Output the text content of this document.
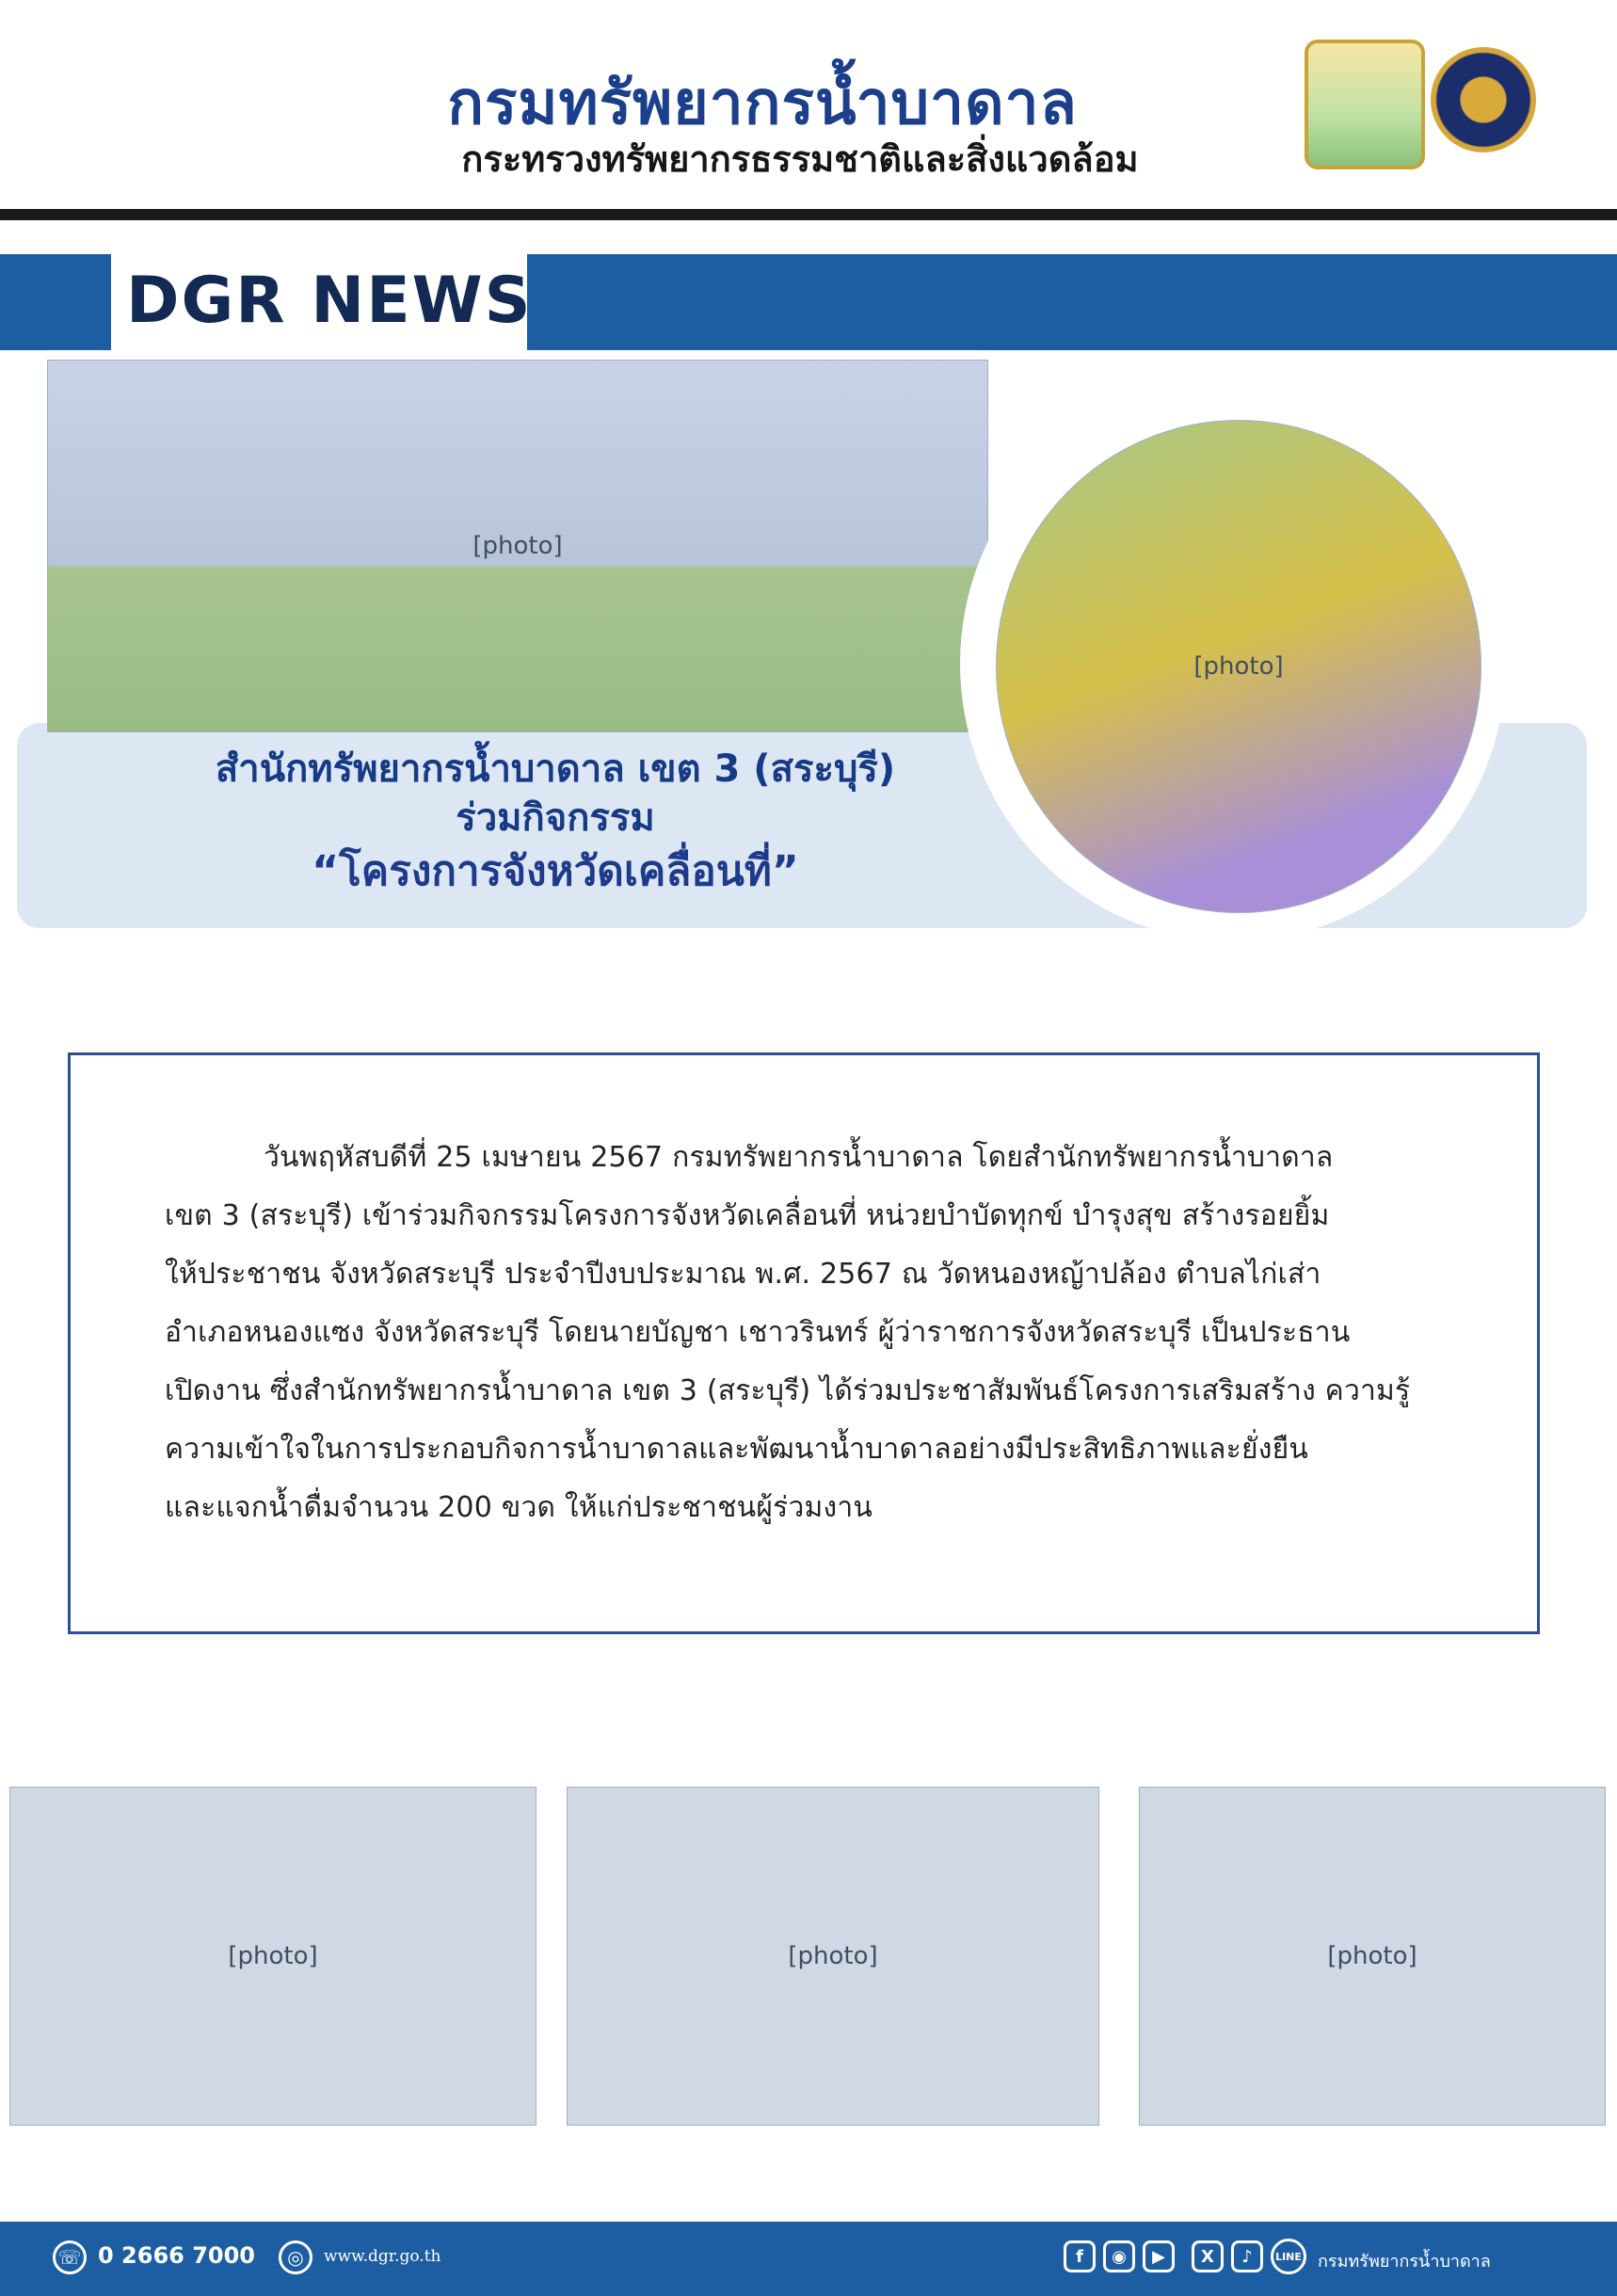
กรมทรัพยากรน้ำบาดาล
กระทรวงทรัพยากรธรรมชาติและสิ่งแวดล้อม
DGR NEWS
[photo]
[photo]
สำนักทรัพยากรน้ำบาดาล เขต 3 (สระบุรี)
ร่วมกิจกรรม
“โครงการจังหวัดเคลื่อนที่”
วันพฤหัสบดีที่ 25 เมษายน 2567 กรมทรัพยากรน้ำบาดาล โดยสำนักทรัพยากรน้ำบาดาล
เขต 3 (สระบุรี) เข้าร่วมกิจกรรมโครงการจังหวัดเคลื่อนที่ หน่วยบำบัดทุกข์ บำรุงสุข สร้างรอยยิ้ม
ให้ประชาชน จังหวัดสระบุรี ประจำปีงบประมาณ พ.ศ. 2567 ณ วัดหนองหญ้าปล้อง ตำบลไก่เส่า
อำเภอหนองแซง จังหวัดสระบุรี โดยนายบัญชา เชาวรินทร์ ผู้ว่าราชการจังหวัดสระบุรี เป็นประธาน
เปิดงาน ซึ่งสำนักทรัพยากรน้ำบาดาล เขต 3 (สระบุรี) ได้ร่วมประชาสัมพันธ์โครงการเสริมสร้าง ความรู้
ความเข้าใจในการประกอบกิจการน้ำบาดาลและพัฒนาน้ำบาดาลอย่างมีประสิทธิภาพและยั่งยืน
และแจกน้ำดื่มจำนวน 200 ขวด ให้แก่ประชาชนผู้ร่วมงาน
[photo]	[photo]	[photo]
☏ 0 2666 7000	◎	www.dgr.go.th	f	◉	▶	X	♪	LINE กรมทรัพยากรน้ำบาดาล
